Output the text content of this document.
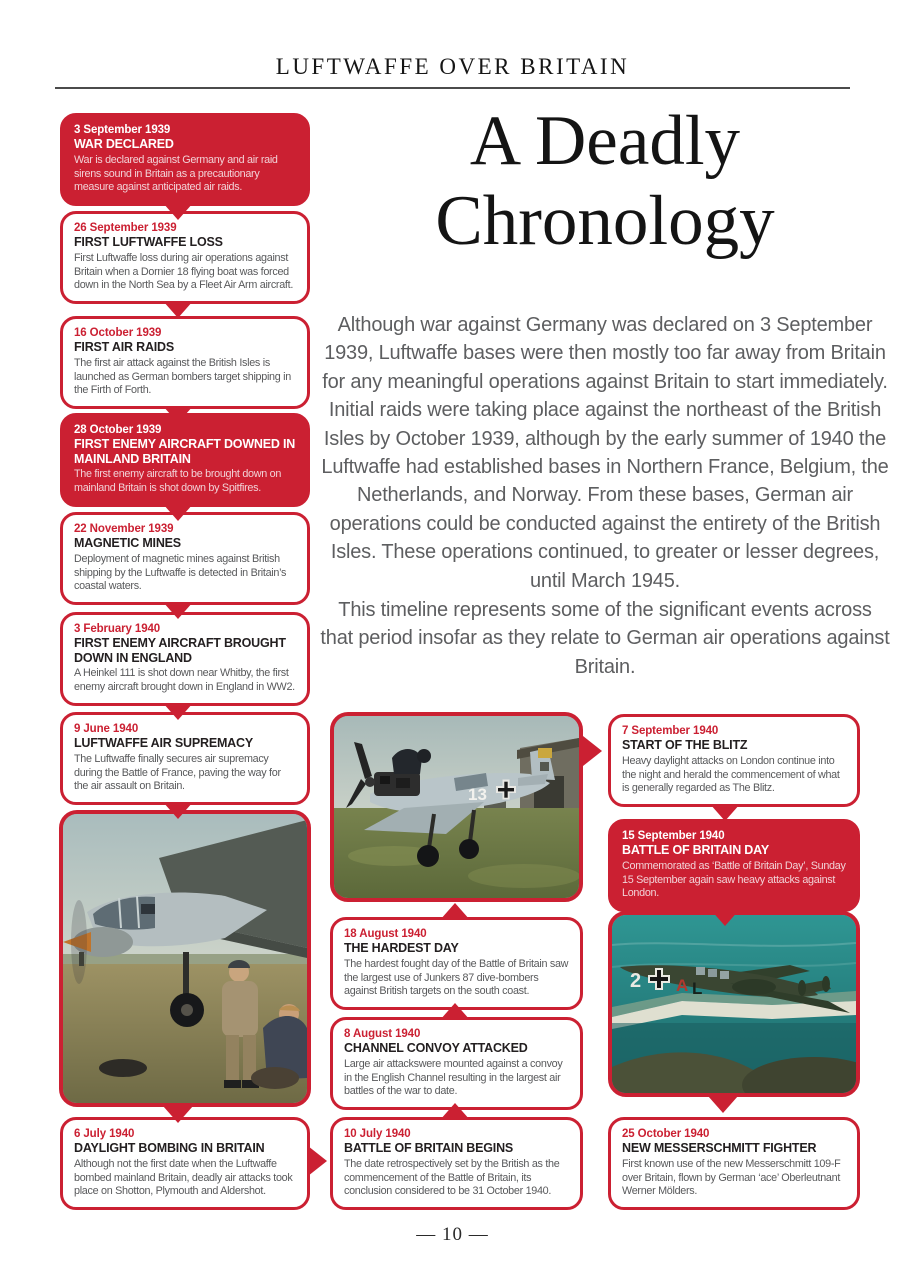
LUFTWAFFE OVER BRITAIN
A Deadly
Chronology
Although war against Germany was declared on 3 September 1939, Luftwaffe bases were then mostly too far away from Britain for any meaningful operations against Britain to start immediately. Initial raids were taking place against the northeast of the British Isles by October 1939, although by the early summer of 1940 the Luftwaffe had established bases in Northern France, Belgium, the Netherlands, and Norway. From these bases, German air operations could be conducted against the entirety of the British Isles. These operations continued, to greater or lesser degrees, until March 1945.
This timeline represents some of the significant events across that period insofar as they relate to German air operations against Britain.
3 September 1939
WAR DECLARED
War is declared against Germany and air raid sirens sound in Britain as a precautionary measure against anticipated air raids.
26 September 1939
FIRST LUFTWAFFE LOSS
First Luftwaffe loss during air operations against Britain when a Dornier 18 flying boat was forced down in the North Sea by a Fleet Air Arm aircraft.
16 October 1939
FIRST AIR RAIDS
The first air attack against the British Isles is launched as German bombers target shipping in the Firth of Forth.
28 October 1939
FIRST ENEMY AIRCRAFT DOWNED IN MAINLAND BRITAIN
The first enemy aircraft to be brought down on mainland Britain is shot down by Spitfires.
22 November 1939
MAGNETIC MINES
Deployment of magnetic mines against British shipping by the Luftwaffe is detected in Britain’s coastal waters.
3 February 1940
FIRST ENEMY AIRCRAFT BROUGHT DOWN IN ENGLAND
A Heinkel 111 is shot down near Whitby, the first enemy aircraft brought down in England in WW2.
9 June 1940
LUFTWAFFE AIR SUPREMACY
The Luftwaffe finally secures air supremacy during the Battle of France, paving the way for the air assault on Britain.
6 July 1940
DAYLIGHT BOMBING IN BRITAIN
Although not the first date when the Luftwaffe bombed mainland Britain, deadly air attacks took place on Shotton, Plymouth and Aldershot.
13
18 August 1940
THE HARDEST DAY
The hardest fought day of the Battle of Britain saw the largest use of Junkers 87 dive-bombers against British targets on the south coast.
8 August 1940
CHANNEL CONVOY ATTACKED
Large air attackswere mounted against a convoy in the English Channel resulting in the largest air battles of the war to date.
10 July 1940
BATTLE OF BRITAIN BEGINS
The date retrospectively set by the British as the commencement of the Battle of Britain, its conclusion considered to be 31 October 1940.
7 September 1940
START OF THE BLITZ
Heavy daylight attacks on London continue into the night and herald the commencement of what is generally regarded as The Blitz.
15 September 1940
BATTLE OF BRITAIN DAY
Commemorated as ‘Battle of Britain Day’, Sunday 15 September again saw heavy attacks against London.
2 A L
25 October 1940
NEW MESSERSCHMITT FIGHTER
First known use of the new Messerschmitt 109-F over Britain, flown by German ‘ace’ Oberleutnant Werner Mölders.
— 10 —
